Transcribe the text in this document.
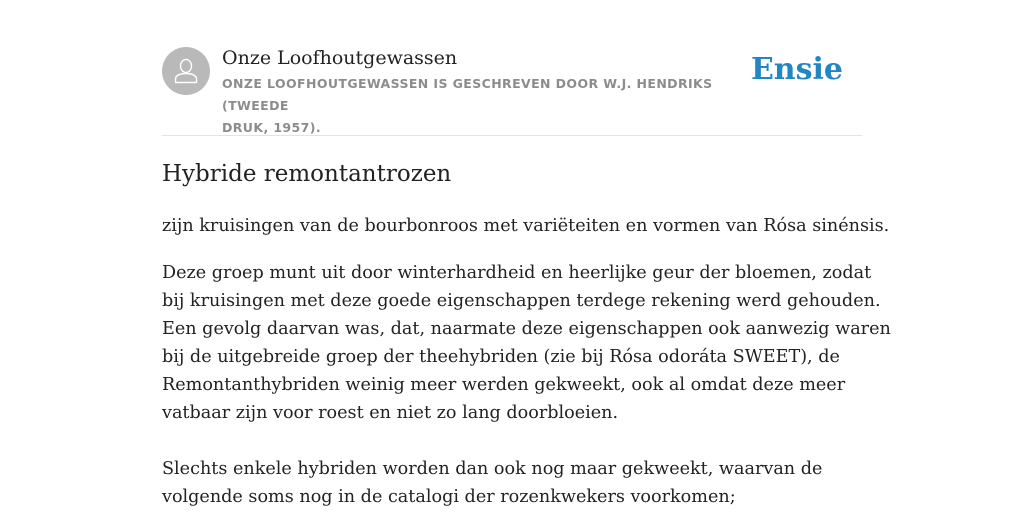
Onze Loofhoutgewassen
ONZE LOOFHOUTGEWASSEN IS GESCHREVEN DOOR W.J. HENDRIKS (TWEEDE
DRUK, 1957).
Ensie
Hybride remontantrozen

zijn kruisingen van de bourbonroos met variëteiten en vormen van Rósa sinénsis.

Deze groep munt uit door winterhardheid en heerlijke geur der bloemen, zodat
bij kruisingen met deze goede eigenschappen terdege rekening werd gehouden.
Een gevolg daarvan was, dat, naarmate deze eigenschappen ook aanwezig waren
bij de uitgebreide groep der theehybriden (zie bij Rósa odoráta SWEET), de
Remontanthybriden weinig meer werden gekweekt, ook al omdat deze meer
vatbaar zijn voor roest en niet zo lang doorbloeien.

Slechts enkele hybriden worden dan ook nog maar gekweekt, waarvan de
volgende soms nog in de catalogi der rozenkwekers voorkomen;
